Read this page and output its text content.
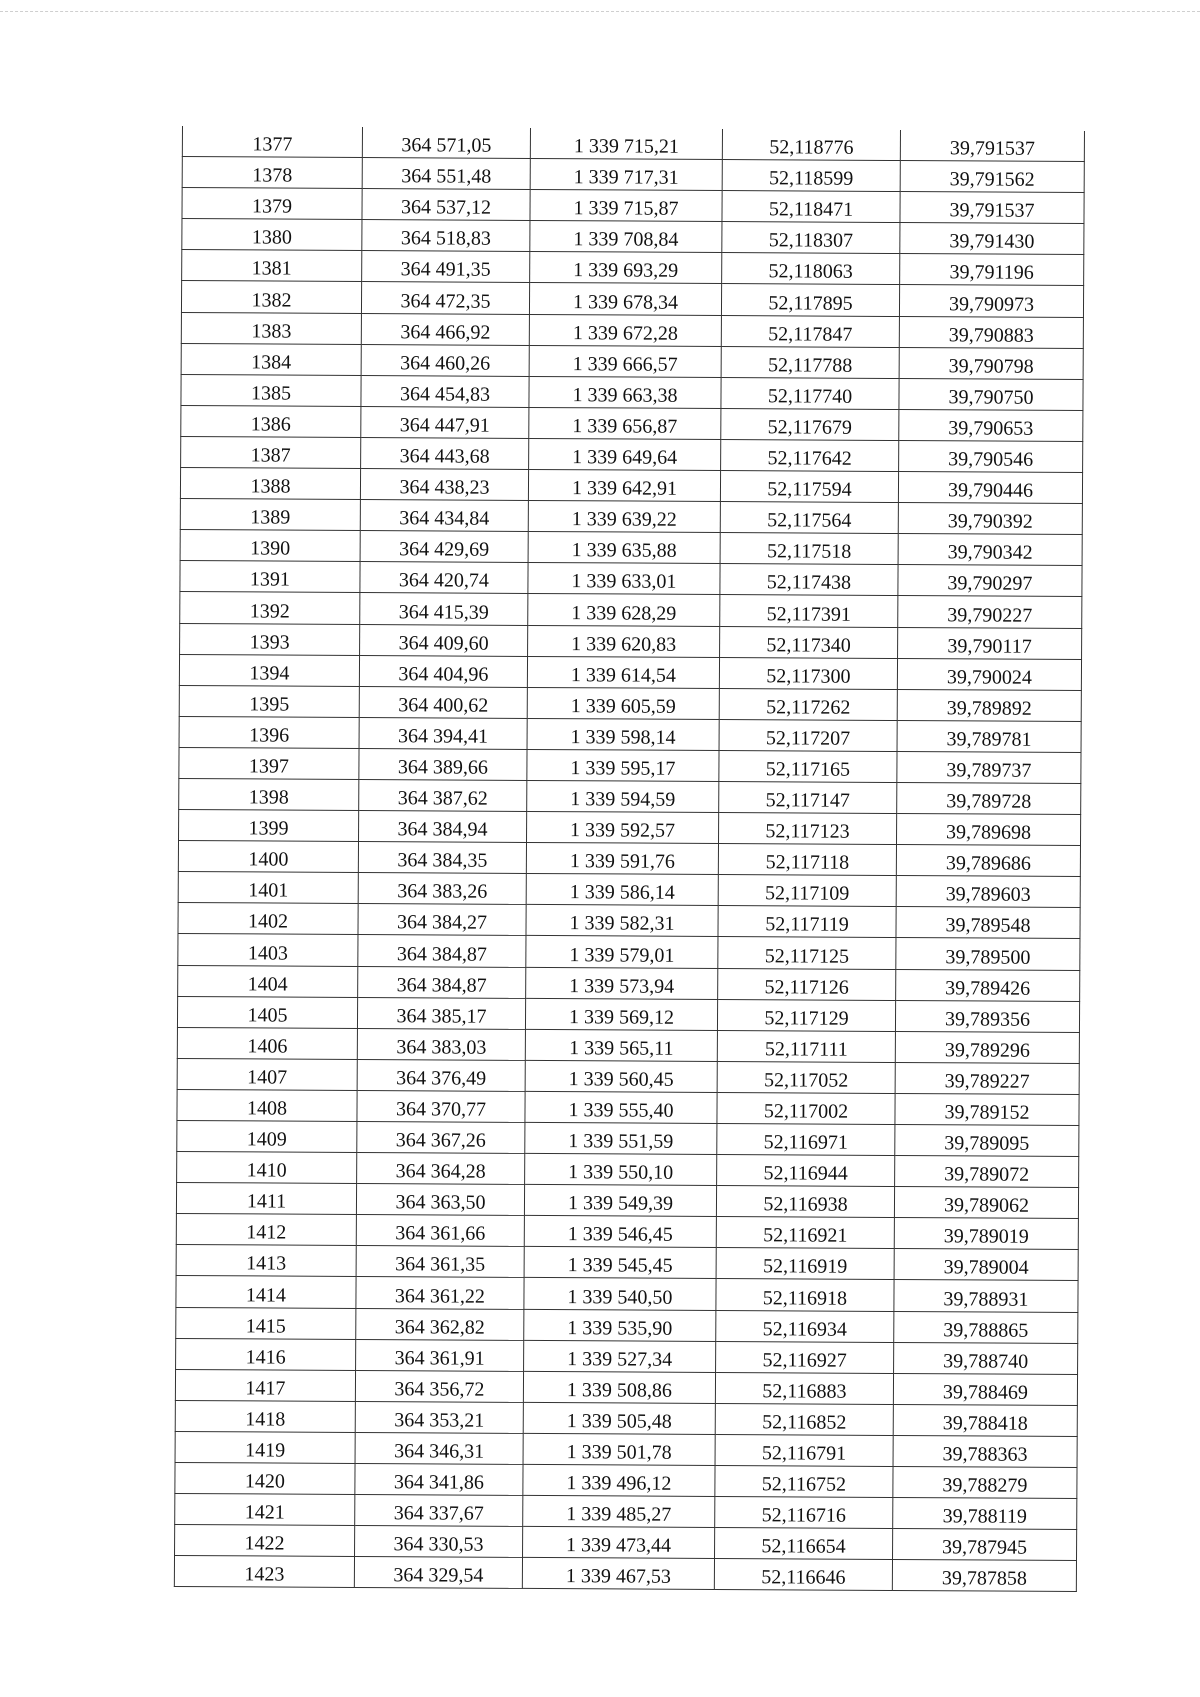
1377	364 571,05	1 339 715,21	52,118776	39,791537
1378	364 551,48	1 339 717,31	52,118599	39,791562
1379	364 537,12	1 339 715,87	52,118471	39,791537
1380	364 518,83	1 339 708,84	52,118307	39,791430
1381	364 491,35	1 339 693,29	52,118063	39,791196
1382	364 472,35	1 339 678,34	52,117895	39,790973
1383	364 466,92	1 339 672,28	52,117847	39,790883
1384	364 460,26	1 339 666,57	52,117788	39,790798
1385	364 454,83	1 339 663,38	52,117740	39,790750
1386	364 447,91	1 339 656,87	52,117679	39,790653
1387	364 443,68	1 339 649,64	52,117642	39,790546
1388	364 438,23	1 339 642,91	52,117594	39,790446
1389	364 434,84	1 339 639,22	52,117564	39,790392
1390	364 429,69	1 339 635,88	52,117518	39,790342
1391	364 420,74	1 339 633,01	52,117438	39,790297
1392	364 415,39	1 339 628,29	52,117391	39,790227
1393	364 409,60	1 339 620,83	52,117340	39,790117
1394	364 404,96	1 339 614,54	52,117300	39,790024
1395	364 400,62	1 339 605,59	52,117262	39,789892
1396	364 394,41	1 339 598,14	52,117207	39,789781
1397	364 389,66	1 339 595,17	52,117165	39,789737
1398	364 387,62	1 339 594,59	52,117147	39,789728
1399	364 384,94	1 339 592,57	52,117123	39,789698
1400	364 384,35	1 339 591,76	52,117118	39,789686
1401	364 383,26	1 339 586,14	52,117109	39,789603
1402	364 384,27	1 339 582,31	52,117119	39,789548
1403	364 384,87	1 339 579,01	52,117125	39,789500
1404	364 384,87	1 339 573,94	52,117126	39,789426
1405	364 385,17	1 339 569,12	52,117129	39,789356
1406	364 383,03	1 339 565,11	52,117111	39,789296
1407	364 376,49	1 339 560,45	52,117052	39,789227
1408	364 370,77	1 339 555,40	52,117002	39,789152
1409	364 367,26	1 339 551,59	52,116971	39,789095
1410	364 364,28	1 339 550,10	52,116944	39,789072
1411	364 363,50	1 339 549,39	52,116938	39,789062
1412	364 361,66	1 339 546,45	52,116921	39,789019
1413	364 361,35	1 339 545,45	52,116919	39,789004
1414	364 361,22	1 339 540,50	52,116918	39,788931
1415	364 362,82	1 339 535,90	52,116934	39,788865
1416	364 361,91	1 339 527,34	52,116927	39,788740
1417	364 356,72	1 339 508,86	52,116883	39,788469
1418	364 353,21	1 339 505,48	52,116852	39,788418
1419	364 346,31	1 339 501,78	52,116791	39,788363
1420	364 341,86	1 339 496,12	52,116752	39,788279
1421	364 337,67	1 339 485,27	52,116716	39,788119
1422	364 330,53	1 339 473,44	52,116654	39,787945
1423	364 329,54	1 339 467,53	52,116646	39,787858
